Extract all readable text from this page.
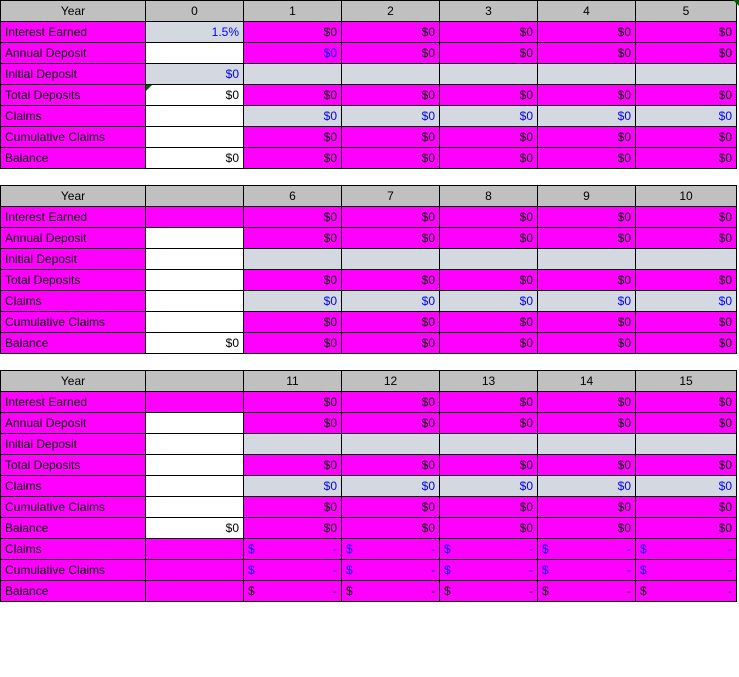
Year	0	1	2	3	4	5
Interest Earned	1.5%	$0	$0	$0	$0	$0
Annual Deposit		$0	$0	$0	$0	$0
Initial Deposit	$0					
Total Deposits	$0	$0	$0	$0	$0	$0
Claims		$0	$0	$0	$0	$0
Cumulative Claims		$0	$0	$0	$0	$0
Balance	$0	$0	$0	$0	$0	$0
Year		6	7	8	9	10
Interest Earned		$0	$0	$0	$0	$0
Annual Deposit		$0	$0	$0	$0	$0
Initial Deposit						
Total Deposits		$0	$0	$0	$0	$0
Claims		$0	$0	$0	$0	$0
Cumulative Claims		$0	$0	$0	$0	$0
Balance	$0	$0	$0	$0	$0	$0
Year		11	12	13	14	15
Interest Earned		$0	$0	$0	$0	$0
Annual Deposit		$0	$0	$0	$0	$0
Initial Deposit						
Total Deposits		$0	$0	$0	$0	$0
Claims		$0	$0	$0	$0	$0
Cumulative Claims		$0	$0	$0	$0	$0
Balance	$0	$0	$0	$0	$0	$0
Claims		$ -	$ -	$ -	$ -	$ -

Cumulative Claims		$ -	$ -	$ -	$ -	$ -

Balance		$ -	$ -	$ -	$ -	$ -
